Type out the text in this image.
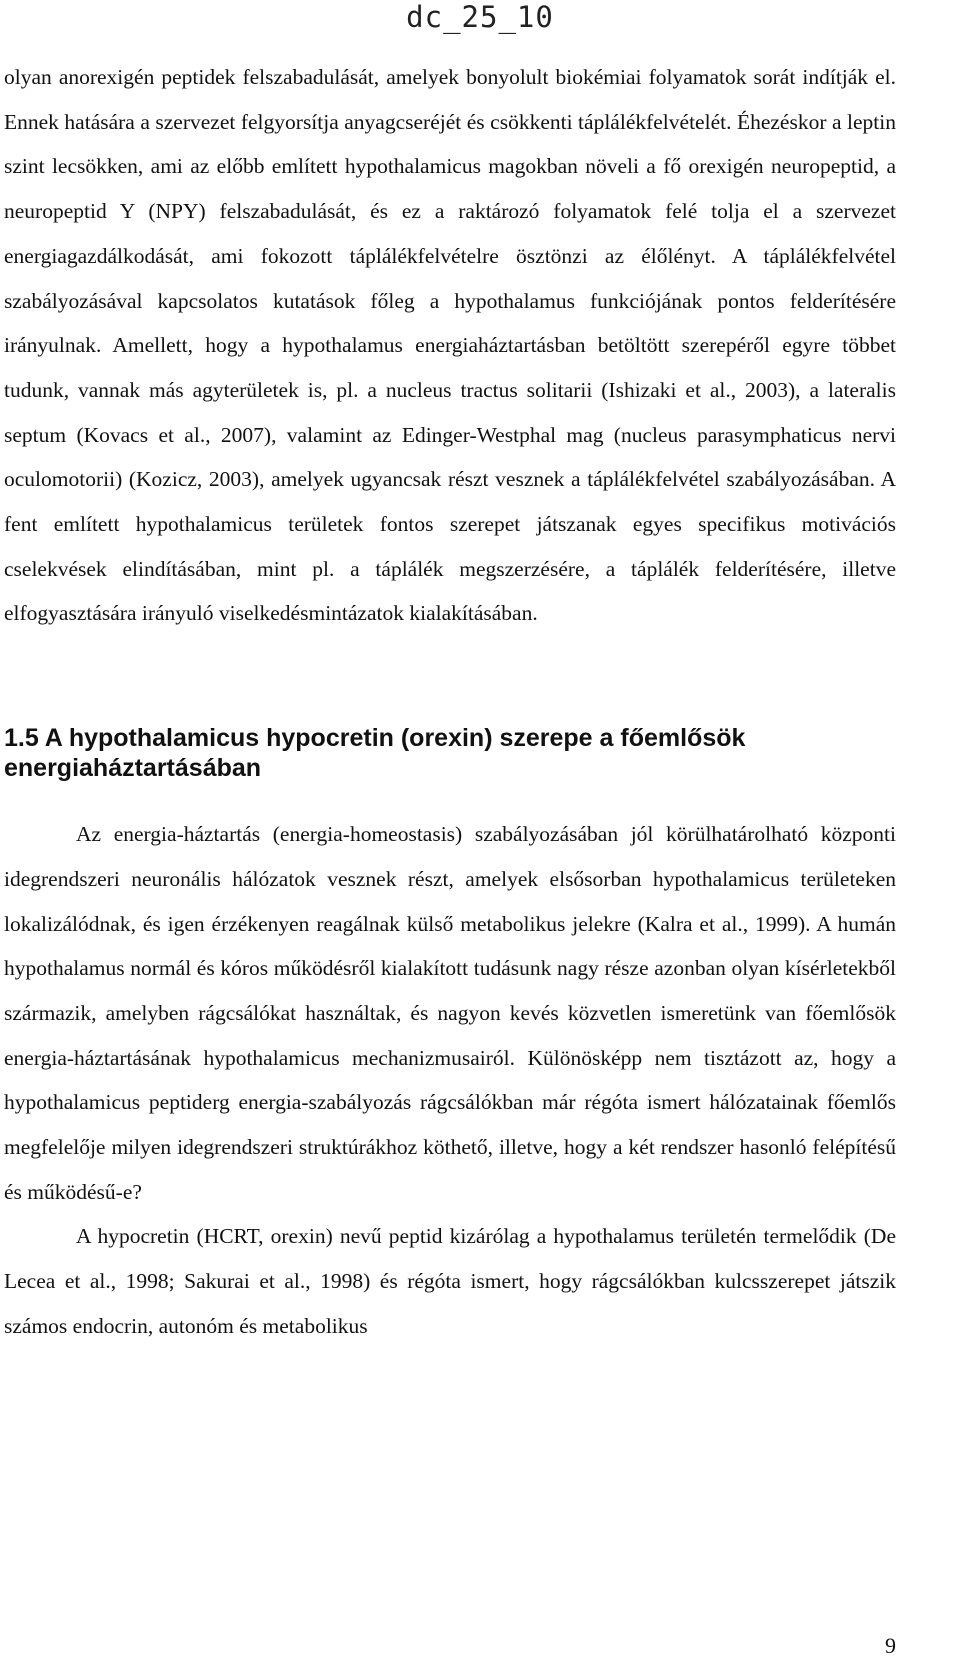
dc_25_10

olyan anorexigén peptidek felszabadulását, amelyek bonyolult biokémiai folyamatok sorát indítják el. Ennek hatására a szervezet felgyorsítja anyagcseréjét és csökkenti táplálékfelvételét. Éhezéskor a leptin szint lecsökken, ami az előbb említett hypothalamicus magokban növeli a fő orexigén neuropeptid, a neuropeptid Y (NPY) felszabadulását, és ez a raktározó folyamatok felé tolja el a szervezet energiagazdálkodását, ami fokozott táplálékfelvételre ösztönzi az élőlényt. A táplálékfelvétel szabályozásával kapcsolatos kutatások főleg a hypothalamus funkciójának pontos felderítésére irányulnak. Amellett, hogy a hypothalamus energiaháztartásban betöltött szerepéről egyre többet tudunk, vannak más agyterületek is, pl. a nucleus tractus solitarii (Ishizaki et al., 2003), a lateralis septum (Kovacs et al., 2007), valamint az Edinger-Westphal mag (nucleus parasymphaticus nervi oculomotorii) (Kozicz, 2003), amelyek ugyancsak részt vesznek a táplálékfelvétel szabályozásában. A fent említett hypothalamicus területek fontos szerepet játszanak egyes specifikus motivációs cselekvések elindításában, mint pl. a táplálék megszerzésére, a táplálék felderítésére, illetve elfogyasztására irányuló viselkedésmintázatok kialakításában.

1.5 A hypothalamicus hypocretin (orexin) szerepe a főemlősök energiaháztartásában

Az energia-háztartás (energia-homeostasis) szabályozásában jól körülhatárolható központi idegrendszeri neuronális hálózatok vesznek részt, amelyek elsősorban hypothalamicus területeken lokalizálódnak, és igen érzékenyen reagálnak külső metabolikus jelekre (Kalra et al., 1999). A humán hypothalamus normál és kóros működésről kialakított tudásunk nagy része azonban olyan kísérletekből származik, amelyben rágcsálókat használtak, és nagyon kevés közvetlen ismeretünk van főemlősök energia-háztartásának hypothalamicus mechanizmusairól. Különösképp nem tisztázott az, hogy a hypothalamicus peptiderg energia-szabályozás rágcsálókban már régóta ismert hálózatainak főemlős megfelelője milyen idegrendszeri struktúrákhoz köthető, illetve, hogy a két rendszer hasonló felépítésű és működésű-e?

A hypocretin (HCRT, orexin) nevű peptid kizárólag a hypothalamus területén termelődik (De Lecea et al., 1998; Sakurai et al., 1998) és régóta ismert, hogy rágcsálókban kulcsszerepet játszik számos endocrin, autonóm és metabolikus

9
